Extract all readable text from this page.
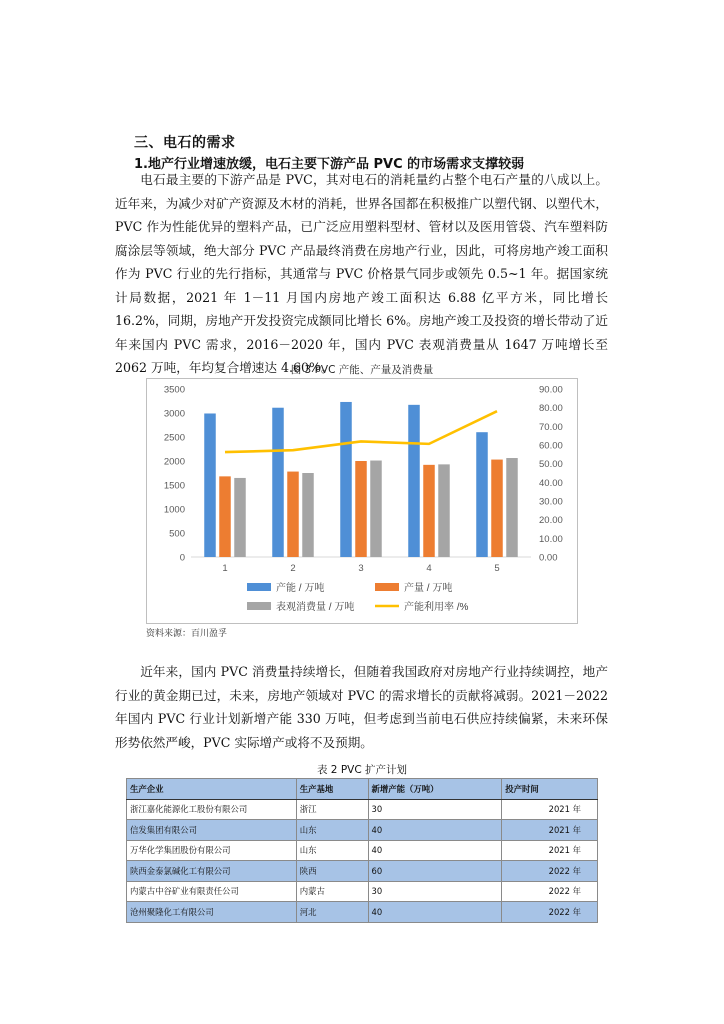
三、电石的需求
1.地产行业增速放缓，电石主要下游产品 PVC 的市场需求支撑较弱

电石最主要的下游产品是 PVC，其对电石的消耗量约占整个电石产量的八成以上。近年来，为减少对矿产资源及木材的消耗，世界各国都在积极推广以塑代钢、以塑代木，PVC 作为性能优异的塑料产品，已广泛应用塑料型材、管材以及医用管袋、汽车塑料防腐涂层等领域，绝大部分 PVC 产品最终消费在房地产行业，因此，可将房地产竣工面积作为 PVC 行业的先行指标，其通常与 PVC 价格景气同步或领先 0.5~1 年。据国家统计局数据，2021 年 1－11 月国内房地产竣工面积达 6.88 亿平方米，同比增长 16.2%，同期，房地产开发投资完成额同比增长 6%。房地产竣工及投资的增长带动了近年来国内 PVC 需求，2016－2020 年，国内 PVC 表观消费量从 1647 万吨增长至 2062 万吨，年均复合增速达 4.60%。

图 3 PVC 产能、产量及消费量
0
500
1000
1500
2000
2500
3000
3500
0.00
10.00
20.00
30.00
40.00
50.00
60.00
70.00
80.00
90.00
1	2	3	4	5
产能 / 万吨	产量 / 万吨
表观消费量 / 万吨	产能利用率 /%
资料来源：百川盈孚

近年来，国内 PVC 消费量持续增长，但随着我国政府对房地产行业持续调控，地产行业的黄金期已过，未来，房地产领域对 PVC 的需求增长的贡献将减弱。2021－2022 年国内 PVC 行业计划新增产能 330 万吨，但考虑到当前电石供应持续偏紧，未来环保形势依然严峻，PVC 实际增产或将不及预期。

表 2 PVC 扩产计划
生产企业	生产基地	新增产能（万吨）	投产时间
浙江嘉化能源化工股份有限公司	浙江	30	2021 年
信发集团有限公司	山东	40	2021 年
万华化学集团股份有限公司	山东	40	2021 年
陕西金泰氯碱化工有限公司	陕西	60	2022 年
内蒙古中谷矿业有限责任公司	内蒙古	30	2022 年
沧州聚隆化工有限公司	河北	40	2022 年
